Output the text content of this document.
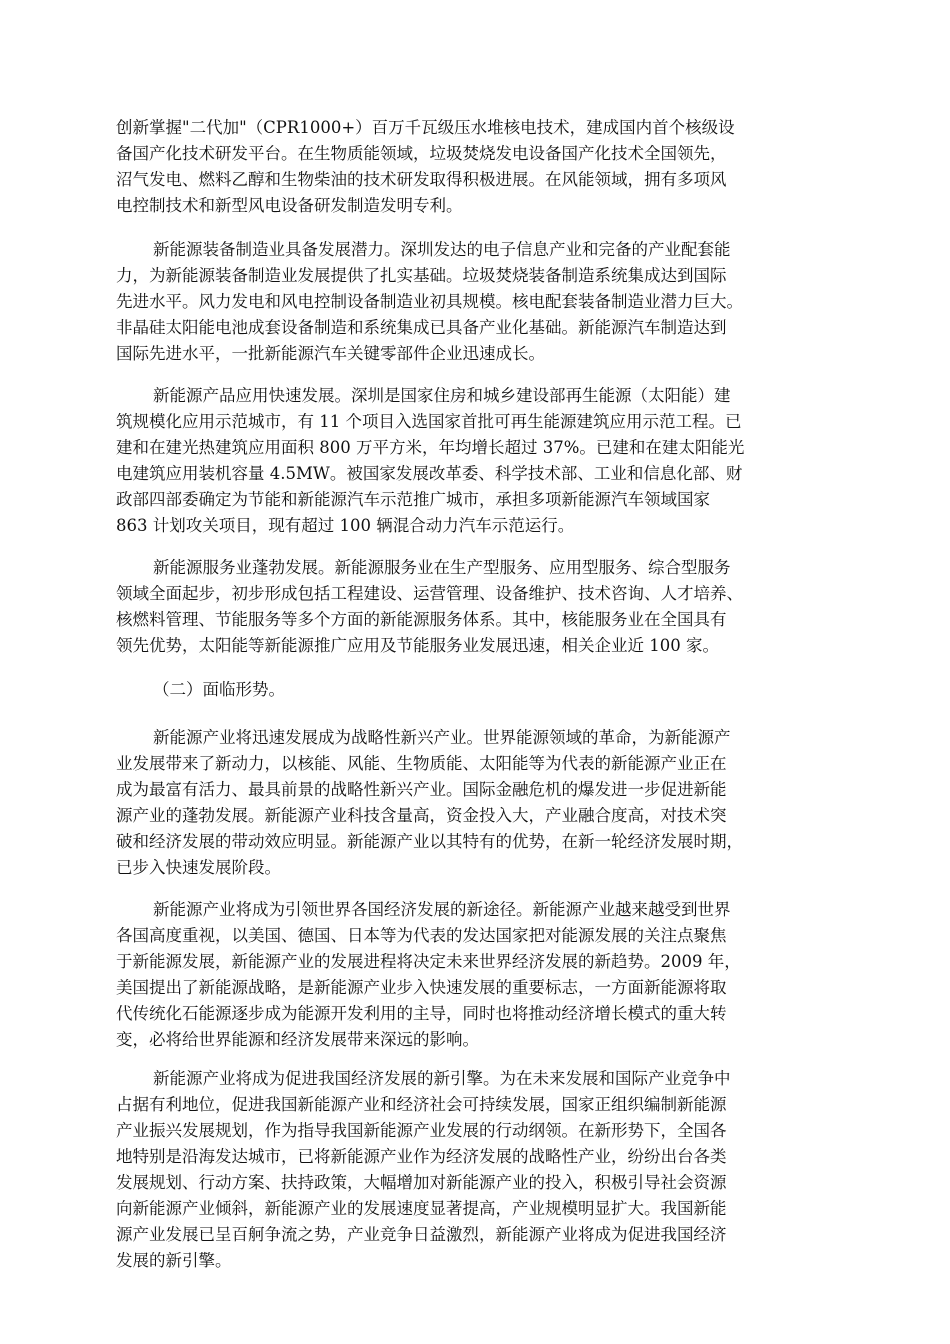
创新掌握"二代加"（CPR1000+）百万千瓦级压水堆核电技术，建成国内首个核级设
备国产化技术研发平台。在生物质能领域，垃圾焚烧发电设备国产化技术全国领先，
沼气发电、燃料乙醇和生物柴油的技术研发取得积极进展。在风能领域，拥有多项风
电控制技术和新型风电设备研发制造发明专利。
新能源装备制造业具备发展潜力。深圳发达的电子信息产业和完备的产业配套能
力，为新能源装备制造业发展提供了扎实基础。垃圾焚烧装备制造系统集成达到国际
先进水平。风力发电和风电控制设备制造业初具规模。核电配套装备制造业潜力巨大。
非晶硅太阳能电池成套设备制造和系统集成已具备产业化基础。新能源汽车制造达到
国际先进水平，一批新能源汽车关键零部件企业迅速成长。
新能源产品应用快速发展。深圳是国家住房和城乡建设部再生能源（太阳能）建
筑规模化应用示范城市，有 11 个项目入选国家首批可再生能源建筑应用示范工程。已
建和在建光热建筑应用面积 800 万平方米，年均增长超过 37%。已建和在建太阳能光
电建筑应用装机容量 4.5MW。被国家发展改革委、科学技术部、工业和信息化部、财
政部四部委确定为节能和新能源汽车示范推广城市，承担多项新能源汽车领域国家
863 计划攻关项目，现有超过 100 辆混合动力汽车示范运行。
新能源服务业蓬勃发展。新能源服务业在生产型服务、应用型服务、综合型服务
领域全面起步，初步形成包括工程建设、运营管理、设备维护、技术咨询、人才培养、
核燃料管理、节能服务等多个方面的新能源服务体系。其中，核能服务业在全国具有
领先优势，太阳能等新能源推广应用及节能服务业发展迅速，相关企业近 100 家。
（二）面临形势。
新能源产业将迅速发展成为战略性新兴产业。世界能源领域的革命，为新能源产
业发展带来了新动力，以核能、风能、生物质能、太阳能等为代表的新能源产业正在
成为最富有活力、最具前景的战略性新兴产业。国际金融危机的爆发进一步促进新能
源产业的蓬勃发展。新能源产业科技含量高，资金投入大，产业融合度高，对技术突
破和经济发展的带动效应明显。新能源产业以其特有的优势，在新一轮经济发展时期，
已步入快速发展阶段。
新能源产业将成为引领世界各国经济发展的新途径。新能源产业越来越受到世界
各国高度重视，以美国、德国、日本等为代表的发达国家把对能源发展的关注点聚焦
于新能源发展，新能源产业的发展进程将决定未来世界经济发展的新趋势。2009 年，
美国提出了新能源战略，是新能源产业步入快速发展的重要标志，一方面新能源将取
代传统化石能源逐步成为能源开发利用的主导，同时也将推动经济增长模式的重大转
变，必将给世界能源和经济发展带来深远的影响。
新能源产业将成为促进我国经济发展的新引擎。为在未来发展和国际产业竞争中
占据有利地位，促进我国新能源产业和经济社会可持续发展，国家正组织编制新能源
产业振兴发展规划，作为指导我国新能源产业发展的行动纲领。在新形势下，全国各
地特别是沿海发达城市，已将新能源产业作为经济发展的战略性产业，纷纷出台各类
发展规划、行动方案、扶持政策，大幅增加对新能源产业的投入，积极引导社会资源
向新能源产业倾斜，新能源产业的发展速度显著提高，产业规模明显扩大。我国新能
源产业发展已呈百舸争流之势，产业竞争日益激烈，新能源产业将成为促进我国经济
发展的新引擎。
